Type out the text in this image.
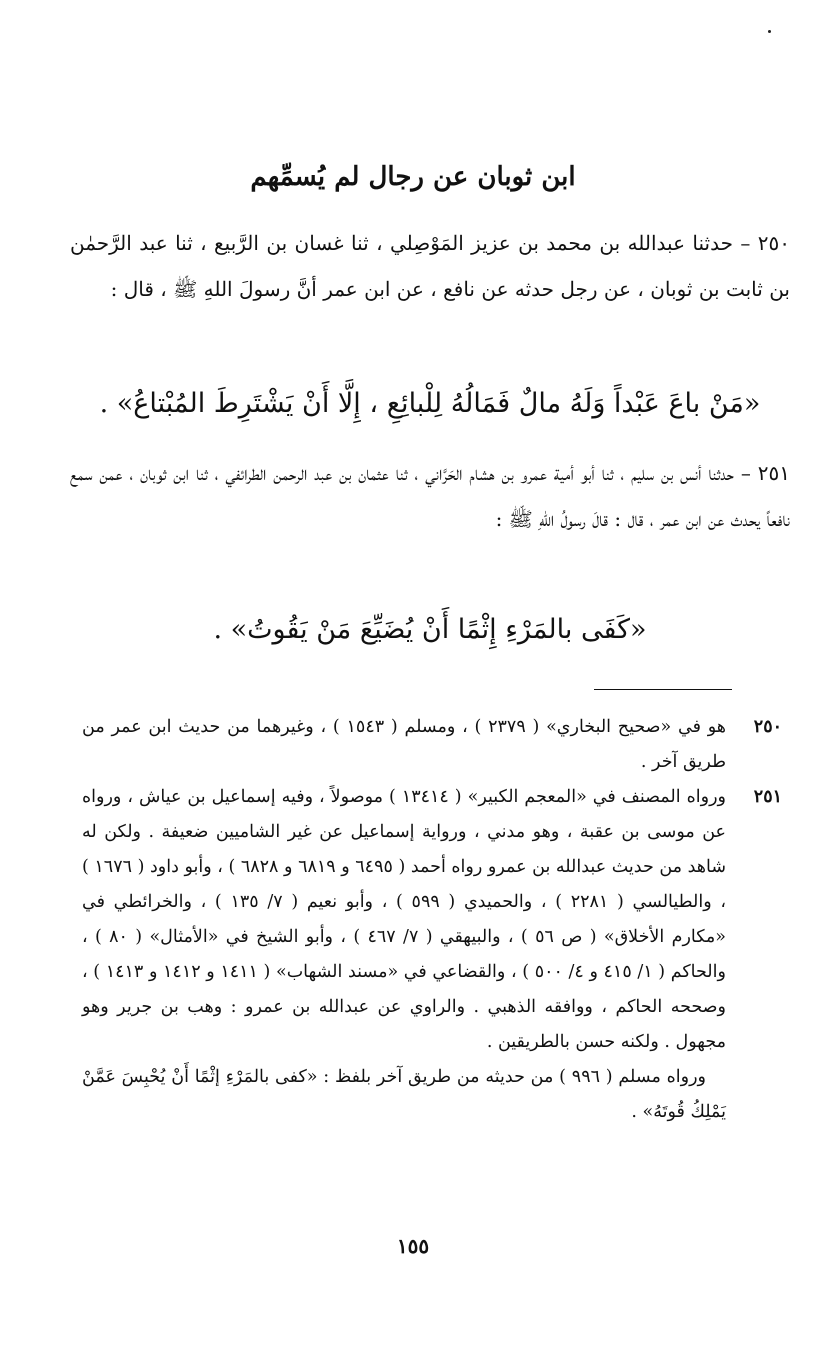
ابن ثوبان عن رجال لم يُسمِّهم
٢٥٠ – حدثنا عبدالله بن محمد بن عزيز المَوْصِلي ، ثنا غسان بن الرَّبيع ، ثنا عبد الرَّحمٰن بن ثابت بن ثوبان ، عن رجل حدثه عن نافع ، عن ابن عمر أنَّ رسولَ اللهِ ﷺ ، قال :
«مَنْ باعَ عَبْداً وَلَهُ مالٌ فَمَالُهُ لِلْبائِعِ ، إِلَّا أَنْ يَشْتَرِطَ المُبْتاعُ» .
٢٥١ – حدثنا أنس بن سليم ، ثنا أبو أمية عمرو بن هشام الحَرَّاني ، ثنا عثمان بن عبد الرحمن الطرائفي ، ثنا ابن ثوبان ، عمن سمع نافعاً يحدث عن ابن عمر ، قال : قالَ رسولُ اللهِ ﷺ :
«كَفَى بالمَرْءِ إِثْمًا أَنْ يُضَيِّعَ مَنْ يَقُوتُ» .
٢٥٠
هو في «صحيح البخاري» ( ٢٣٧٩ ) ، ومسلم ( ١٥٤٣ ) ، وغيرهما من حديث ابن عمر من طريق آخر .
٢٥١
ورواه المصنف في «المعجم الكبير» ( ١٣٤١٤ ) موصولاً ، وفيه إسماعيل بن عياش ، ورواه عن موسى بن عقبة ، وهو مدني ، ورواية إسماعيل عن غير الشاميين ضعيفة . ولكن له شاهد من حديث عبدالله بن عمرو رواه أحمد ( ٦٤٩٥ و ٦٨١٩ و ٦٨٢٨ ) ، وأبو داود ( ١٦٧٦ ) ، والطيالسي ( ٢٢٨١ ) ، والحميدي ( ٥٩٩ ) ، وأبو نعيم ( ٧/ ١٣٥ ) ، والخرائطي في «مكارم الأخلاق» ( ص ٥٦ ) ، والبيهقي ( ٧/ ٤٦٧ ) ، وأبو الشيخ في «الأمثال» ( ٨٠ ) ، والحاكم ( ١/ ٤١٥ و ٤/ ٥٠٠ ) ، والقضاعي في «مسند الشهاب» ( ١٤١١ و ١٤١٢ و ١٤١٣ ) ، وصححه الحاكم ، ووافقه الذهبي . والراوي عن عبدالله بن عمرو : وهب بن جرير وهو مجهول . ولكنه حسن بالطريقين .
ورواه مسلم ( ٩٩٦ ) من حديثه من طريق آخر بلفظ : «كفى بالمَرْءِ إثْمًا أَنْ يُحْبِسَ عَمَّنْ يَمْلِكُ قُوتَهُ» .
١٥٥
